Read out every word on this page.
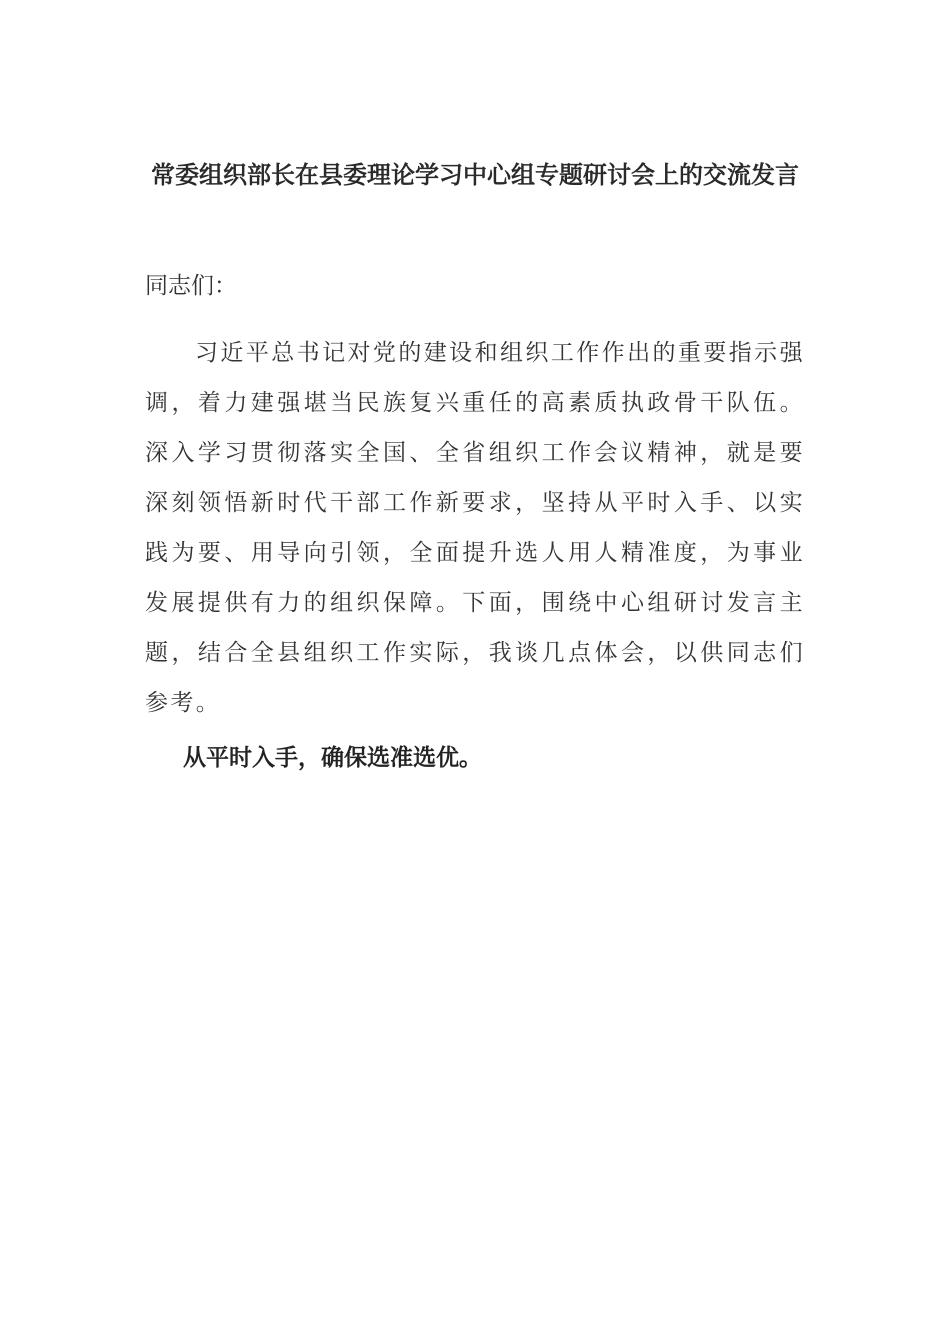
常委组织部长在县委理论学习中心组专题研讨会上的交流发言

同志们：

习近平总书记对党的建设和组织工作作出的重要指示强调，着力建强堪当民族复兴重任的高素质执政骨干队伍。深入学习贯彻落实全国、全省组织工作会议精神，就是要深刻领悟新时代干部工作新要求，坚持从平时入手、以实践为要、用导向引领，全面提升选人用人精准度，为事业发展提供有力的组织保障。下面，围绕中心组研讨发言主题，结合全县组织工作实际，我谈几点体会，以供同志们参考。

从平时入手，确保选准选优。
